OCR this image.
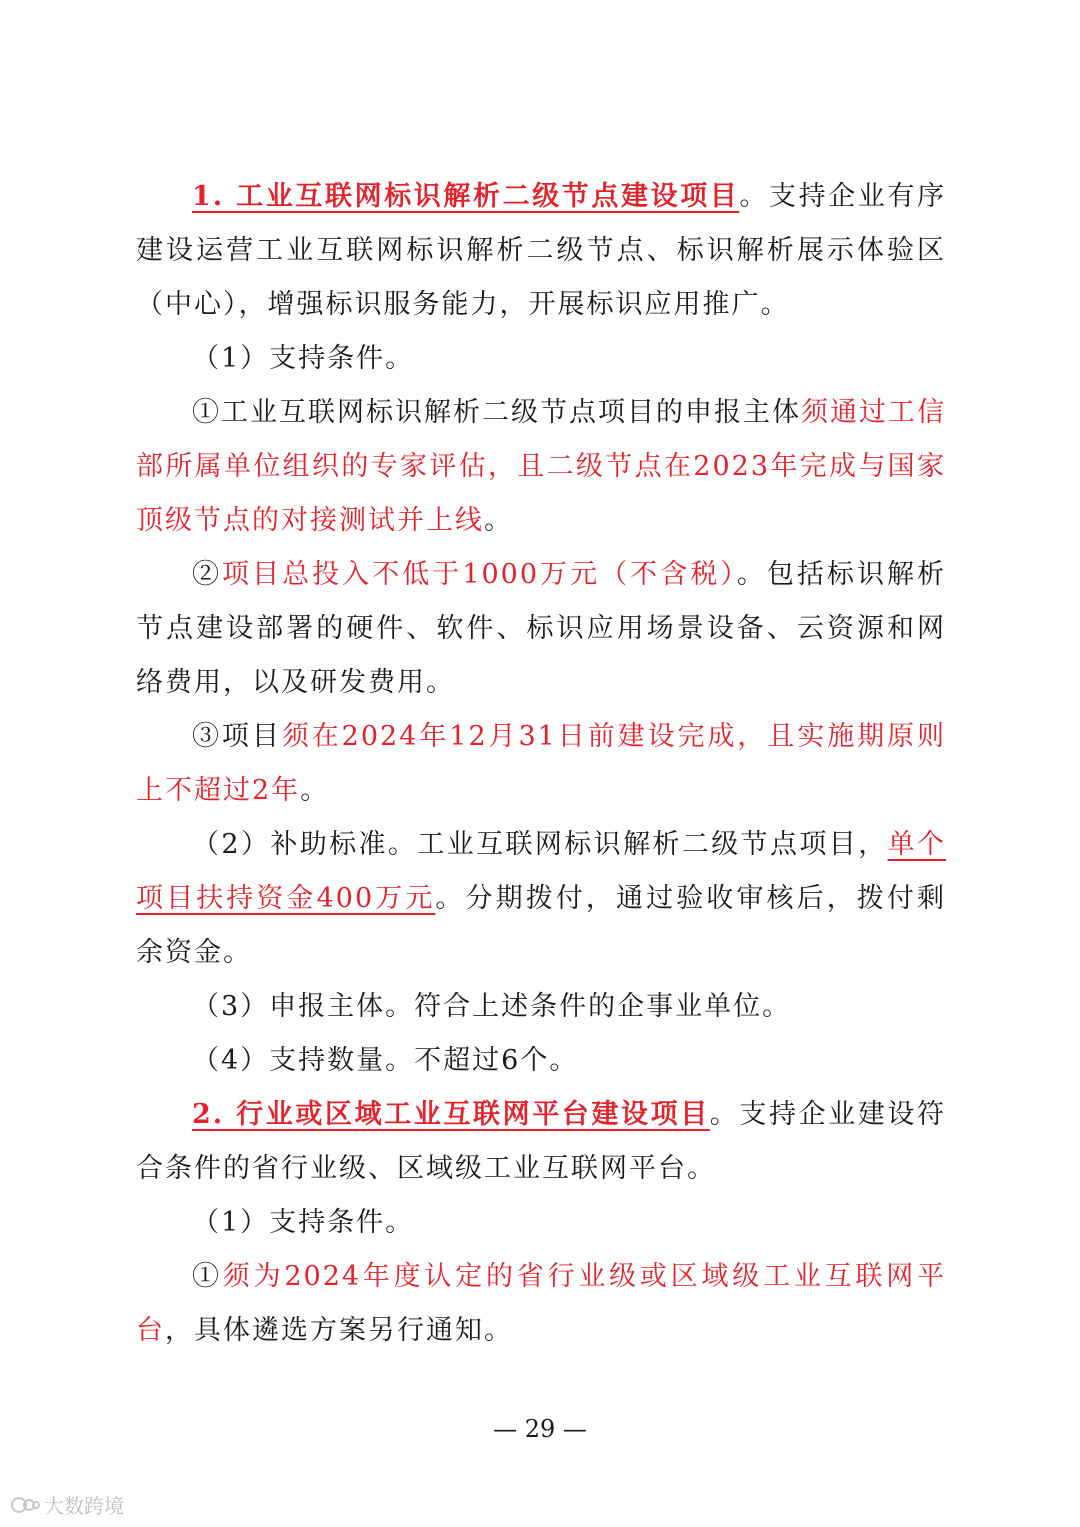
1. 工业互联网标识解析二级节点建设项目。支持企业有序建设运营工业互联网标识解析二级节点、标识解析展示体验区（中心），增强标识服务能力，开展标识应用推广。

（1）支持条件。

①工业互联网标识解析二级节点项目的申报主体须通过工信部所属单位组织的专家评估，且二级节点在2023年完成与国家顶级节点的对接测试并上线。

②项目总投入不低于1000万元（不含税）。包括标识解析节点建设部署的硬件、软件、标识应用场景设备、云资源和网络费用，以及研发费用。

③项目须在2024年12月31日前建设完成，且实施期原则上不超过2年。

（2）补助标准。工业互联网标识解析二级节点项目，单个项目扶持资金400万元。分期拨付，通过验收审核后，拨付剩余资金。

（3）申报主体。符合上述条件的企事业单位。

（4）支持数量。不超过6个。

2. 行业或区域工业互联网平台建设项目。支持企业建设符合条件的省行业级、区域级工业互联网平台。

（1）支持条件。

①须为2024年度认定的省行业级或区域级工业互联网平台，具体遴选方案另行通知。

— 29 —
大数跨境
